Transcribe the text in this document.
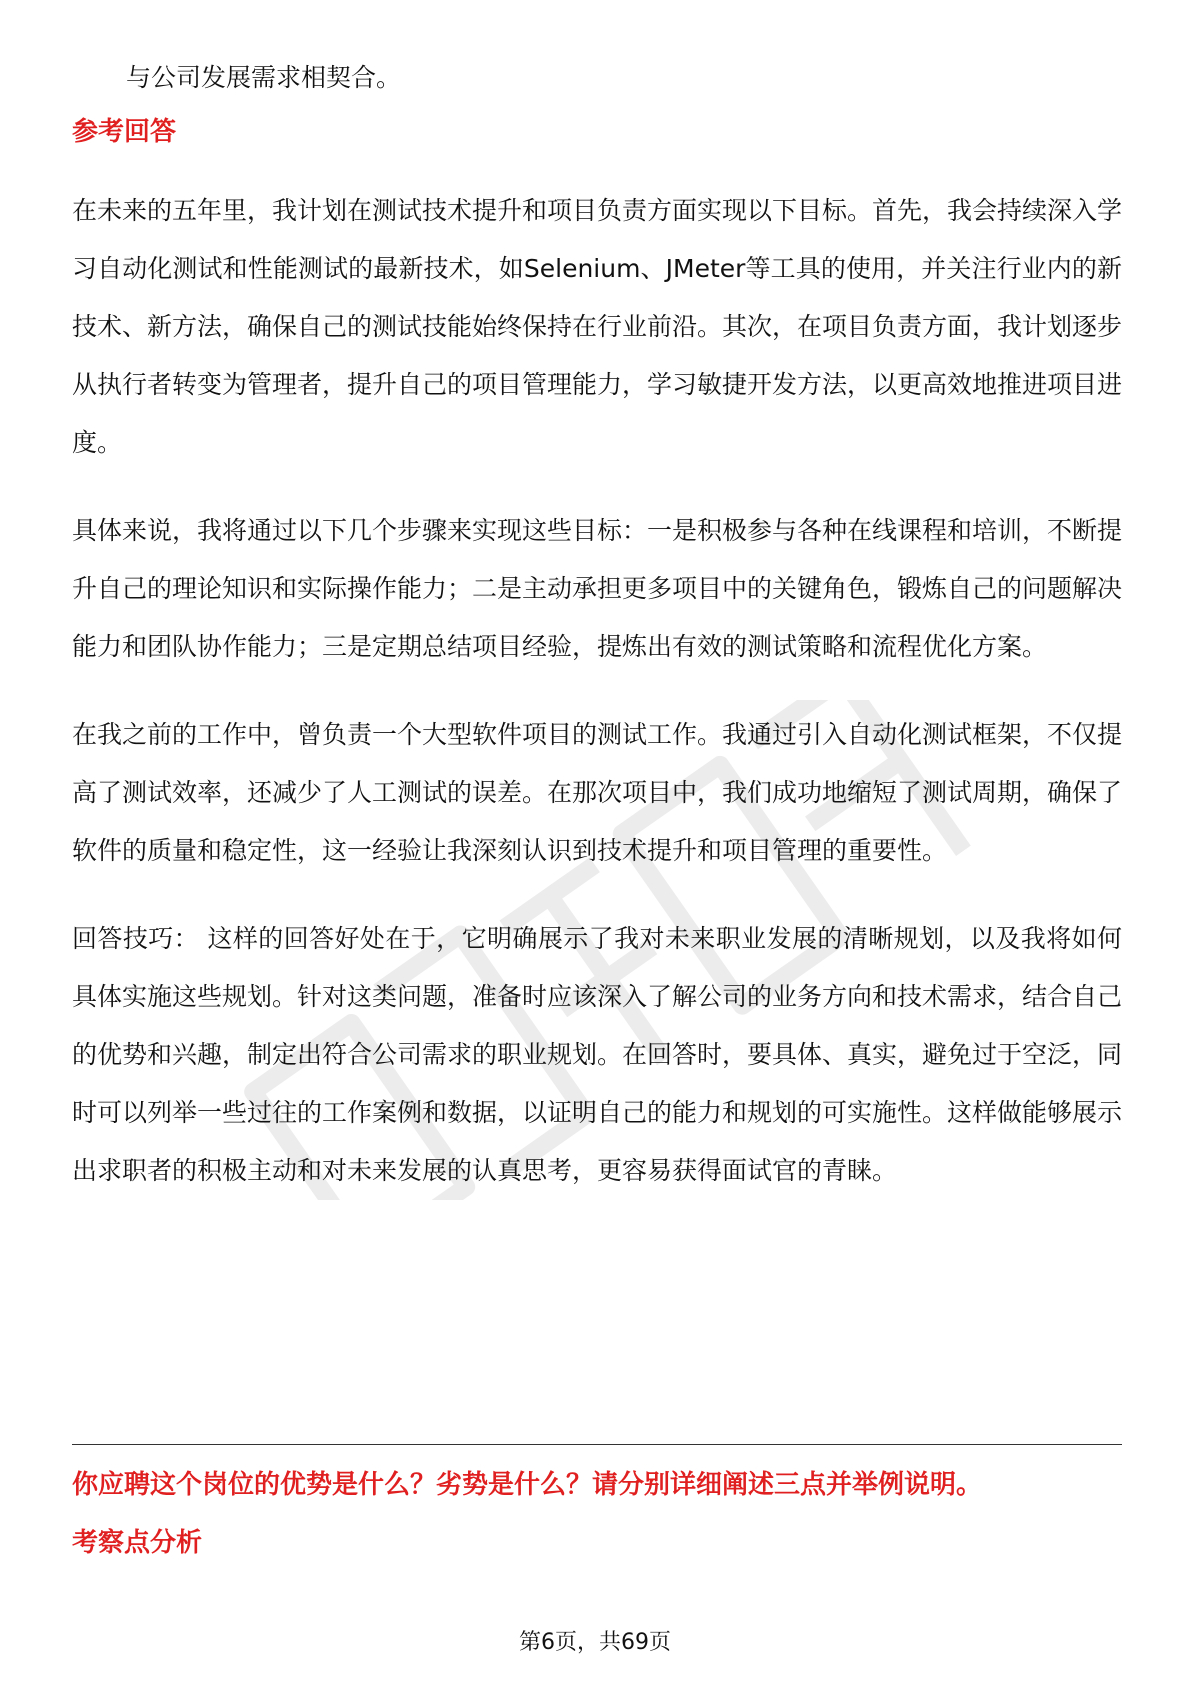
与公司发展需求相契合。

参考回答

在未来的五年里，我计划在测试技术提升和项目负责方面实现以下目标。首先，我会持续深入学习自动化测试和性能测试的最新技术，如Selenium、JMeter等工具的使用，并关注行业内的新技术、新方法，确保自己的测试技能始终保持在行业前沿。其次，在项目负责方面，我计划逐步从执行者转变为管理者，提升自己的项目管理能力，学习敏捷开发方法，以更高效地推进项目进度。

具体来说，我将通过以下几个步骤来实现这些目标：一是积极参与各种在线课程和培训，不断提升自己的理论知识和实际操作能力；二是主动承担更多项目中的关键角色，锻炼自己的问题解决能力和团队协作能力；三是定期总结项目经验，提炼出有效的测试策略和流程优化方案。

在我之前的工作中，曾负责一个大型软件项目的测试工作。我通过引入自动化测试框架，不仅提高了测试效率，还减少了人工测试的误差。在那次项目中，我们成功地缩短了测试周期，确保了软件的质量和稳定性，这一经验让我深刻认识到技术提升和项目管理的重要性。

回答技巧： 这样的回答好处在于，它明确展示了我对未来职业发展的清晰规划，以及我将如何具体实施这些规划。针对这类问题，准备时应该深入了解公司的业务方向和技术需求，结合自己的优势和兴趣，制定出符合公司需求的职业规划。在回答时，要具体、真实，避免过于空泛，同时可以列举一些过往的工作案例和数据，以证明自己的能力和规划的可实施性。这样做能够展示出求职者的积极主动和对未来发展的认真思考，更容易获得面试官的青睐。

你应聘这个岗位的优势是什么？劣势是什么？请分别详细阐述三点并举例说明。
考察点分析
第6页，共69页
